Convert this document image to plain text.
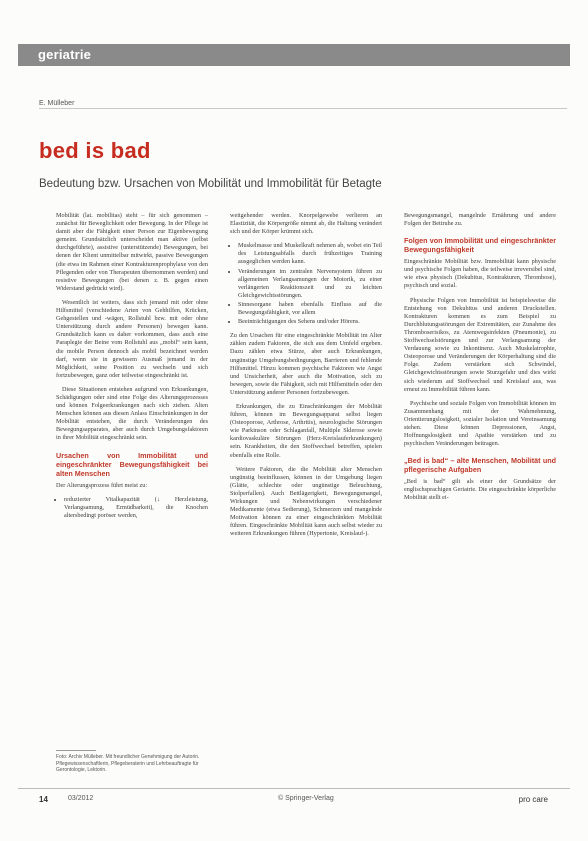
geriatrie
E. Mülleber
bed is bad
Bedeutung bzw. Ursachen von Mobilität und Immobilität für Betagte

Mobilität (lat. mobilitas) steht – für sich genommen – zunächst für Beweglichkeit oder Bewegung. In der Pflege ist damit aber die Fähigkeit einer Person zur Eigenbewegung gemeint. Grundsätzlich unterscheidet man aktive (selbst durchgeführte), assistive (unterstützende) Bewegungen, bei denen der Klient unmittelbar mitwirkt, passive Bewegungen (die etwa im Rahmen einer Kontrakturenprophylaxe von den Pflegenden oder von Therapeuten übernommen werden) und resistive Bewegungen (bei denen z. B. gegen einen Widerstand gedrückt wird).

Wesentlich ist weiters, dass sich jemand mit oder ohne Hilfsmittel (verschiedene Arten von Gehhilfen, Krücken, Gehgestellen und -wägen, Rollstuhl bzw. mit oder ohne Unterstützung durch andere Personen) bewegen kann. Grundsätzlich kann es daher vorkommen, dass auch eine Paraplegie der Beine vom Rollstuhl aus „mobil“ sein kann, die mobile Person dennoch als mobil bezeichnet werden darf, wenn sie in gewissem Ausmaß jemand in der Möglichkeit, seine Position zu wechseln und sich fortzubewegen, ganz oder teilweise eingeschränkt ist.

Diese Situationen entstehen aufgrund von Erkrankungen, Schädigungen oder sind eine Folge des Alterungsprozesses und können Folgeerkrankungen nach sich ziehen. Alten Menschen können aus diesen Anlass Einschränkungen in der Mobilität entstehen, die durch Veränderungen des Bewegungsapparates, aber auch durch Umgebungsfaktoren in ihrer Mobilität eingeschränkt sein.

Ursachen von Immobilität und eingeschränkter Bewegungsfähigkeit bei alten Menschen

Der Alterungsprozess führt meist zu:

• reduzierter Vitalkapazität (↓ Herzleistung, Verlangsamung, Ermüdbarkeit), die Knochen altersbedingt poröser werden,
Foto: Archiv Mülleber. Mit freundlicher Genehmigung der Autorin. Pflegewissenschaftlerin, Pflegeberaterin und Lehrbeauftragte für Gerontologie, Lektorin.

weitgehender werden. Knorpelgewebe verlieren an Elastizität, die Körpergröße nimmt ab, die Haltung verändert sich und der Körper krümmt sich.

• Muskelmasse und Muskelkraft nehmen ab, wobei ein Teil des Leistungsabfalls durch frühzeitiges Training ausgeglichen werden kann.
• Veränderungen im zentralen Nervensystem führen zu allgemeinen Verlangsamungen der Motorik, zu einer verlängerten Reaktionszeit und zu leichten Gleichgewichtsstörungen.
• Sinnesorgane haben ebenfalls Einfluss auf die Bewegungsfähigkeit, vor allem
• Beeinträchtigungen des Sehens und/oder Hörens.

Zu den Ursachen für eine eingeschränkte Mobilität im Alter zählen zudem Faktoren, die sich aus dem Umfeld ergeben. Dazu zählen etwa Stürze, aber auch Erkrankungen, ungünstige Umgebungsbedingungen, Barrieren und fehlende Hilfsmittel. Hinzu kommen psychische Faktoren wie Angst und Unsicherheit, aber auch die Motivation, sich zu bewegen, sowie die Fähigkeit, sich mit Hilfsmitteln oder den Unterstützung anderer Personen fortzubewegen.

Erkrankungen, die zu Einschränkungen der Mobilität führen, können im Bewegungsapparat selbst liegen (Osteoporose, Arthrose, Arthritis), neurologische Störungen wie Parkinson oder Schlaganfall, Multiple Sklerose sowie kardiovaskuläre Störungen (Herz-Kreislauferkrankungen) sein. Krankheiten, die den Stoffwechsel betreffen, spielen ebenfalls eine Rolle.

Weitere Faktoren, die die Mobilität alter Menschen ungünstig beeinflussen, können in der Umgebung liegen (Glätte, schlechte oder ungünstige Beleuchtung, Stolperfallen). Auch Bettlägerigkeit, Bewegungsmangel, Wirkungen und Nebenwirkungen verschiedener Medikamente (etwa Sedierung), Schmerzen und mangelnde Motivation können zu einer eingeschränkten Mobilität führen. Eingeschränkte Mobilität kann auch selbst wieder zu weiteren Erkrankungen führen (Hypertonie, Kreislauf-).

Bewegungsmangel, mangelnde Ernährung und andere Folgen der Bettruhe zu.

Folgen von Immobilität und eingeschränkter Bewegungsfähigkeit

Eingeschränkte Mobilität bzw. Immobilität kann physische und psychische Folgen haben, die teilweise irreversibel sind, wie etwa physisch (Dekubitus, Kontrakturen, Thrombose), psychisch und sozial.

Physische Folgen von Immobilität ist beispielsweise die Entstehung von Dekubitus und anderen Druckstellen. Kontrakturen kommen es zum Beispiel zu Durchblutungsstörungen der Extremitäten, zur Zunahme des Thromboserisikos, zu Atemwegsinfekten (Pneumonie), zu Stoffwechselstörungen und zur Verlangsamung der Verdauung sowie zu Inkontinenz. Auch Muskelatrophie, Osteoporose und Veränderungen der Körperhaltung sind die Folge. Zudem verstärken sich Schwindel, Gleichgewichtsstörungen sowie Sturzgefahr und dies wirkt sich wiederum auf Stoffwechsel und Kreislauf aus, was erneut zu Immobilität führen kann.

Psychische und soziale Folgen von Immobilität können im Zusammenhang mit der Wahrnehmung, Orientierungslosigkeit, sozialer Isolation und Vereinsamung stehen. Diese können Depressionen, Angst, Hoffnungslosigkeit und Apathie verstärken und zu psychischen Veränderungen beitragen.

„Bed is bad“ – alte Menschen, Mobilität und pflegerische Aufgaben

„Bed is bad“ gilt als einer der Grundsätze der englischsprachigen Geriatrie. Die eingeschränkte körperliche Mobilität stellt ei-

14	03/2012	© Springer-Verlag	pro care
